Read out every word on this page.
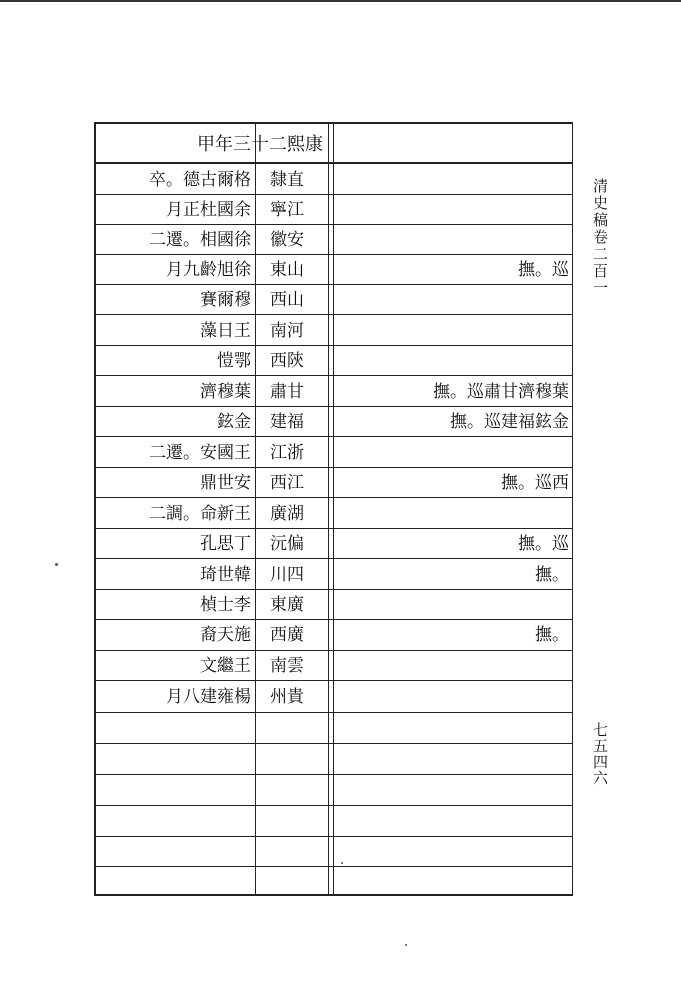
清史稿卷二百一
七五四六
甲年三十二熙康
卒。德古爾格 隸直
月正杜國余 寧江
二遷。相國徐 徽安
月九齡旭徐 東山	撫。巡
賽爾穆 西山
藻日王 南河
愷鄂 西陝
濟穆葉 肅甘	撫。巡肅甘濟穆葉
鉉金 建福	撫。巡建福鉉金
二遷。安國王 江浙
鼎世安 西江	撫。巡西
二調。命新王 廣湖
孔思丁 沅偏	撫。巡
琦世韓 川四	撫。
楨士李 東廣
裔天施 西廣	撫。
文繼王 南雲
月八建雍楊 州貴
